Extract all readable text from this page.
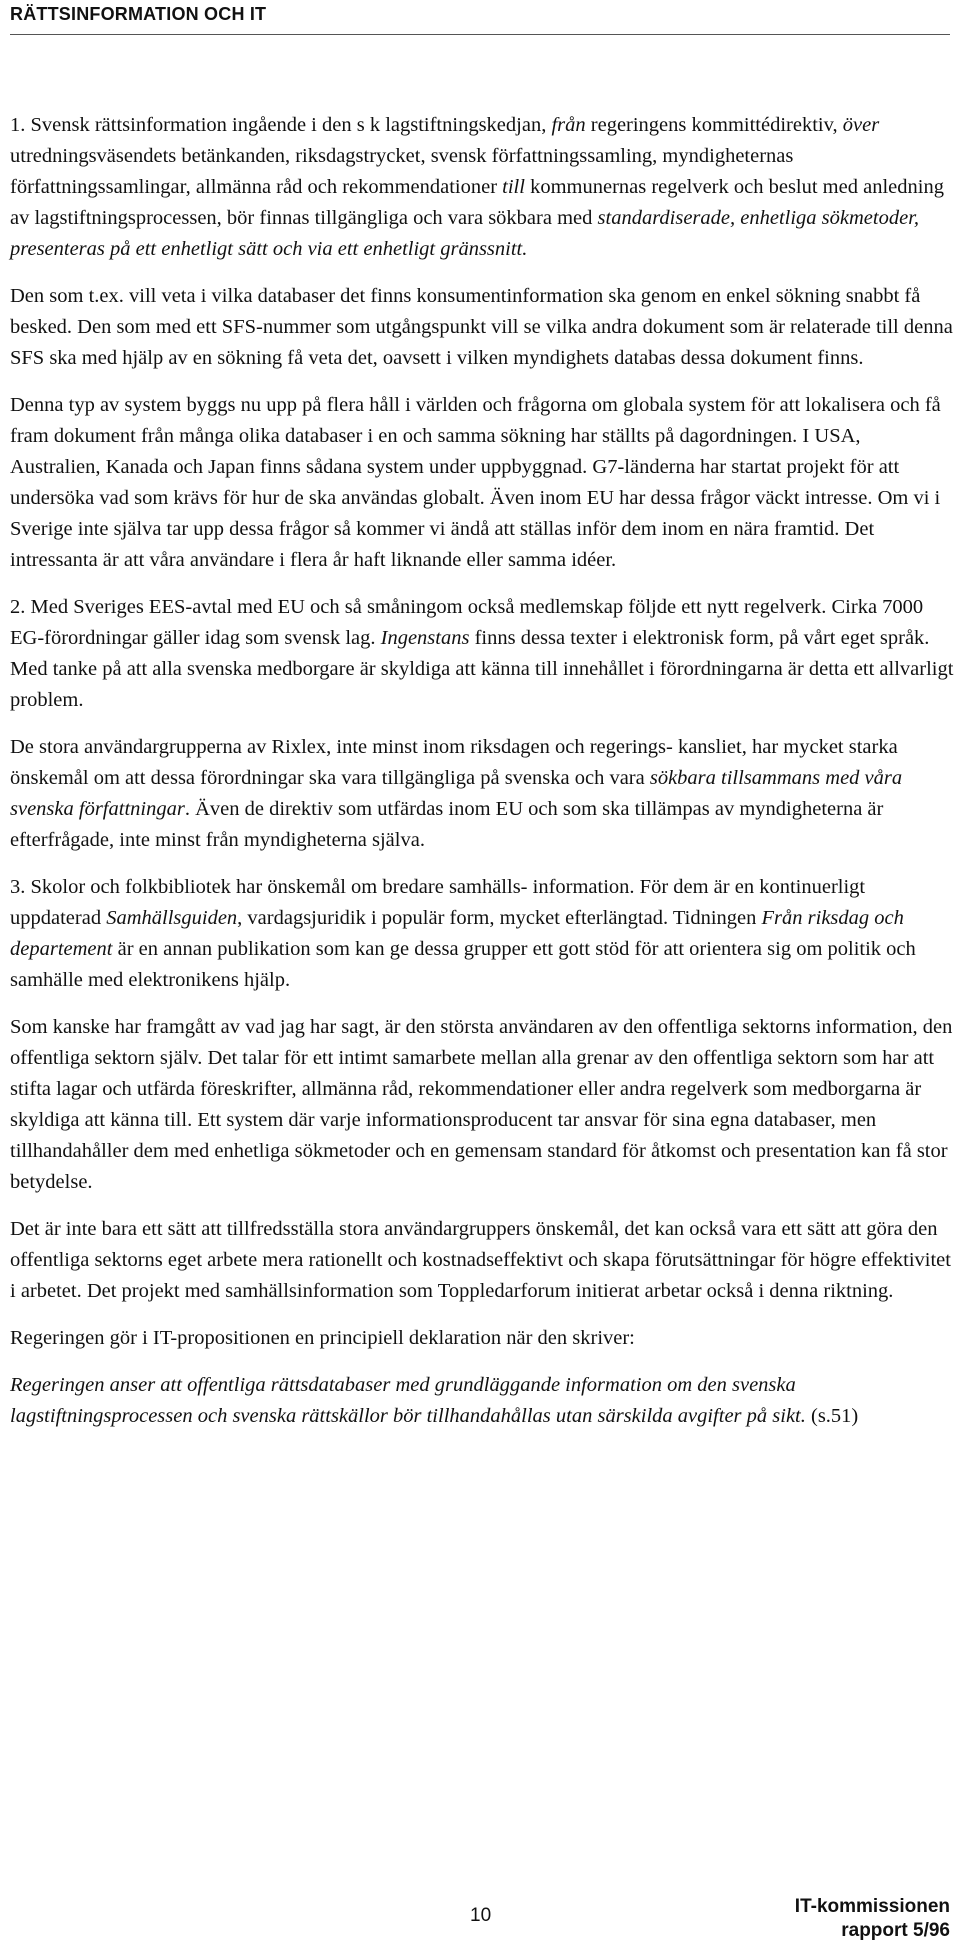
RÄTTSINFORMATION OCH IT

1. Svensk rättsinformation ingående i den s k lagstiftningskedjan, från regeringens kommittédirektiv, över utredningsväsendets betänkanden, riksdagstrycket, svensk författningssamling, myndigheternas författningssamlingar, allmänna råd och rekommendationer till kommunernas regelverk och beslut med anledning av lagstiftningsprocessen, bör finnas tillgängliga och vara sökbara med standardiserade, enhetliga sökmetoder, presenteras på ett enhetligt sätt och via ett enhetligt gränssnitt.

Den som t.ex. vill veta i vilka databaser det finns konsumentinformation ska genom en enkel sökning snabbt få besked. Den som med ett SFS-nummer som utgångspunkt vill se vilka andra dokument som är relaterade till denna SFS ska med hjälp av en sökning få veta det, oavsett i vilken myndighets databas dessa dokument finns.

Denna typ av system byggs nu upp på flera håll i världen och frågorna om globala system för att lokalisera och få fram dokument från många olika databaser i en och samma sökning har ställts på dagordningen. I USA, Australien, Kanada och Japan finns sådana system under uppbyggnad. G7-länderna har startat projekt för att undersöka vad som krävs för hur de ska användas globalt. Även inom EU har dessa frågor väckt intresse. Om vi i Sverige inte själva tar upp dessa frågor så kommer vi ändå att ställas inför dem inom en nära framtid. Det intressanta är att våra användare i flera år haft liknande eller samma idéer.

2. Med Sveriges EES-avtal med EU och så småningom också medlemskap följde ett nytt regelverk. Cirka 7000 EG-förordningar gäller idag som svensk lag. Ingenstans finns dessa texter i elektronisk form, på vårt eget språk. Med tanke på att alla svenska medborgare är skyldiga att känna till innehållet i förordningarna är detta ett allvarligt problem.

De stora användargrupperna av Rixlex, inte minst inom riksdagen och regerings- kansliet, har mycket starka önskemål om att dessa förordningar ska vara tillgängliga på svenska och vara sökbara tillsammans med våra svenska författningar. Även de direktiv som utfärdas inom EU och som ska tillämpas av myndigheterna är efterfrågade, inte minst från myndigheterna själva.

3. Skolor och folkbibliotek har önskemål om bredare samhälls- information. För dem är en kontinuerligt uppdaterad Samhällsguiden, vardagsjuridik i populär form, mycket efterlängtad. Tidningen Från riksdag och departement är en annan publikation som kan ge dessa grupper ett gott stöd för att orientera sig om politik och samhälle med elektronikens hjälp.

Som kanske har framgått av vad jag har sagt, är den största användaren av den offentliga sektorns information, den offentliga sektorn själv. Det talar för ett intimt samarbete mellan alla grenar av den offentliga sektorn som har att stifta lagar och utfärda föreskrifter, allmänna råd, rekommendationer eller andra regelverk som medborgarna är skyldiga att känna till. Ett system där varje informationsproducent tar ansvar för sina egna databaser, men tillhandahåller dem med enhetliga sökmetoder och en gemensam standard för åtkomst och presentation kan få stor betydelse.

Det är inte bara ett sätt att tillfredsställa stora användargruppers önskemål, det kan också vara ett sätt att göra den offentliga sektorns eget arbete mera rationellt och kostnadseffektivt och skapa förutsättningar för högre effektivitet i arbetet. Det projekt med samhällsinformation som Toppledarforum initierat arbetar också i denna riktning.

Regeringen gör i IT-propositionen en principiell deklaration när den skriver:

Regeringen anser att offentliga rättsdatabaser med grundläggande information om den svenska lagstiftningsprocessen och svenska rättskällor bör tillhandahållas utan särskilda avgifter på sikt. (s.51)

10	IT-kommissionen
rapport 5/96
